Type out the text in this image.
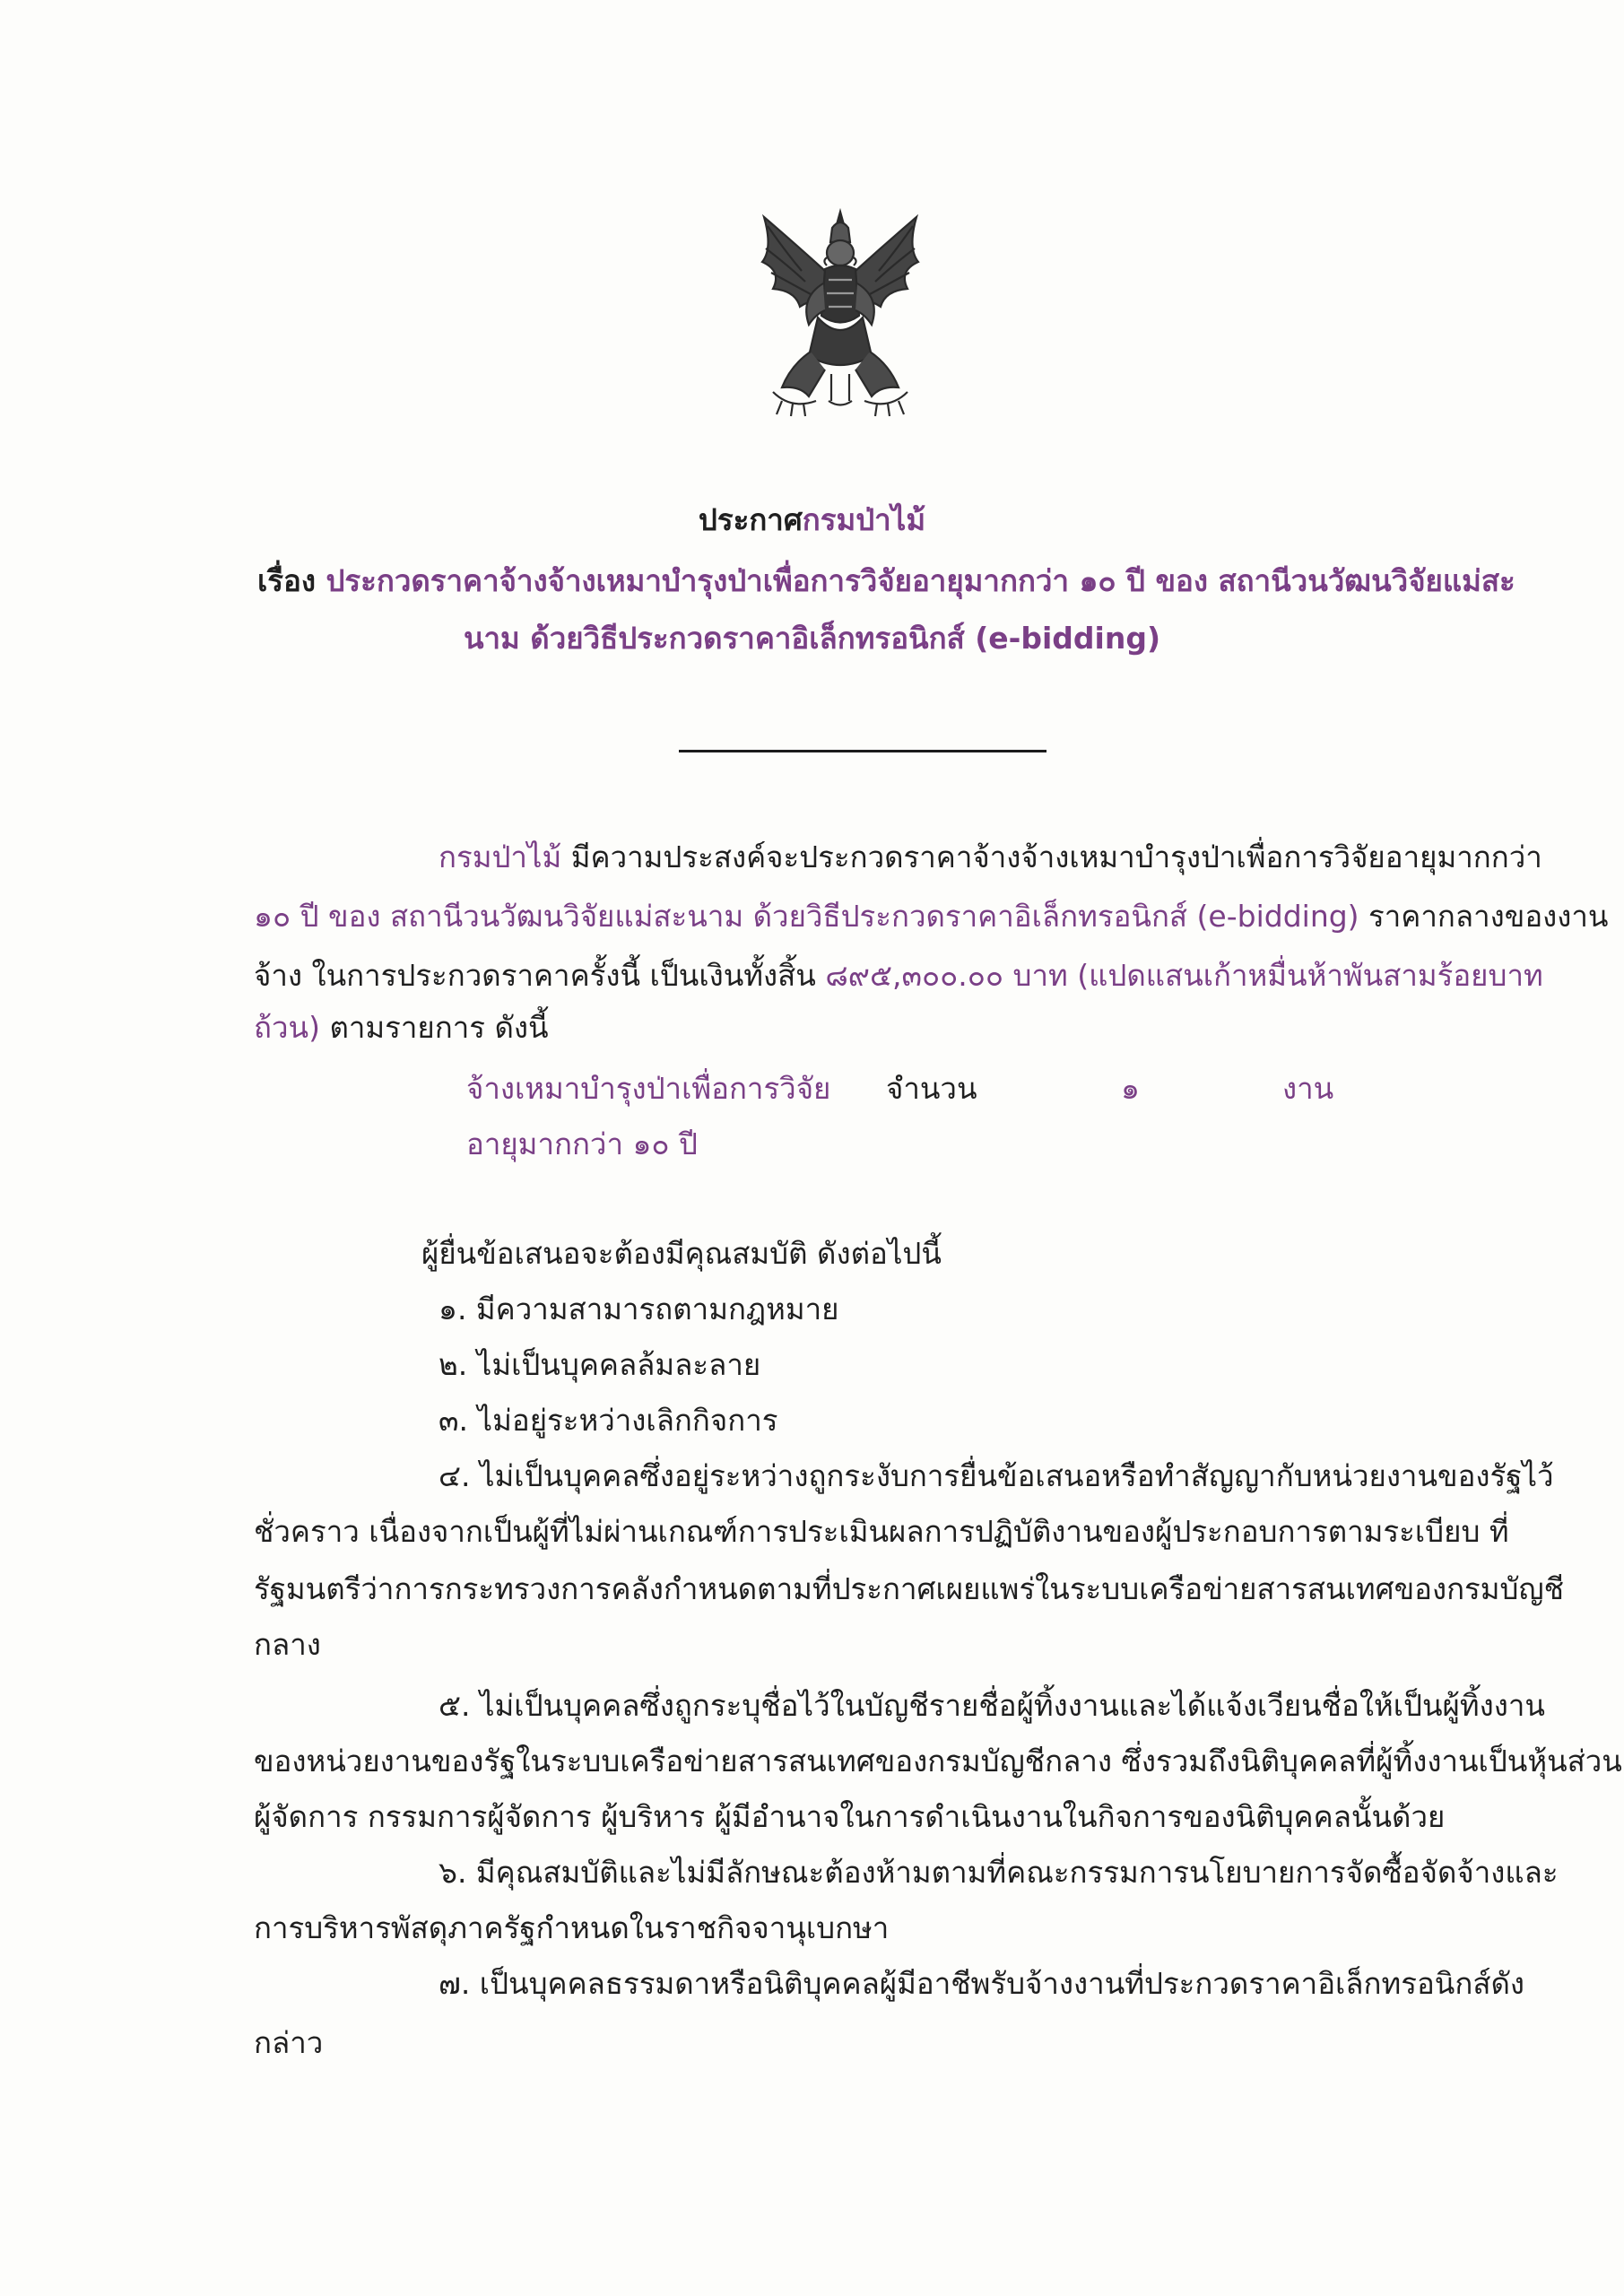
ประกาศกรมป่าไม้
เรื่อง ประกวดราคาจ้างจ้างเหมาบำรุงป่าเพื่อการวิจัยอายุมากกว่า ๑๐ ปี ของ สถานีวนวัฒนวิจัยแม่สะ
นาม ด้วยวิธีประกวดราคาอิเล็กทรอนิกส์ (e-bidding)
กรมป่าไม้ มีความประสงค์จะประกวดราคาจ้างจ้างเหมาบำรุงป่าเพื่อการวิจัยอายุมากกว่า
๑๐ ปี ของ สถานีวนวัฒนวิจัยแม่สะนาม ด้วยวิธีประกวดราคาอิเล็กทรอนิกส์ (e-bidding) ราคากลางของงาน
จ้าง ในการประกวดราคาครั้งนี้ เป็นเงินทั้งสิ้น ๘๙๕,๓๐๐.๐๐ บาท (แปดแสนเก้าหมื่นห้าพันสามร้อยบาท
ถ้วน) ตามรายการ ดังนี้
จ้างเหมาบำรุงป่าเพื่อการวิจัย
อายุมากกว่า ๑๐ ปี
จำนวน	๑	งาน
ผู้ยื่นข้อเสนอจะต้องมีคุณสมบัติ ดังต่อไปนี้
๑. มีความสามารถตามกฎหมาย
๒. ไม่เป็นบุคคลล้มละลาย
๓. ไม่อยู่ระหว่างเลิกกิจการ
๔. ไม่เป็นบุคคลซึ่งอยู่ระหว่างถูกระงับการยื่นข้อเสนอหรือทำสัญญากับหน่วยงานของรัฐไว้
ชั่วคราว เนื่องจากเป็นผู้ที่ไม่ผ่านเกณฑ์การประเมินผลการปฏิบัติงานของผู้ประกอบการตามระเบียบ ที่
รัฐมนตรีว่าการกระทรวงการคลังกำหนดตามที่ประกาศเผยแพร่ในระบบเครือข่ายสารสนเทศของกรมบัญชี
กลาง
๕. ไม่เป็นบุคคลซึ่งถูกระบุชื่อไว้ในบัญชีรายชื่อผู้ทิ้งงานและได้แจ้งเวียนชื่อให้เป็นผู้ทิ้งงาน
ของหน่วยงานของรัฐในระบบเครือข่ายสารสนเทศของกรมบัญชีกลาง ซึ่งรวมถึงนิติบุคคลที่ผู้ทิ้งงานเป็นหุ้นส่วน
ผู้จัดการ กรรมการผู้จัดการ ผู้บริหาร ผู้มีอำนาจในการดำเนินงานในกิจการของนิติบุคคลนั้นด้วย
๖. มีคุณสมบัติและไม่มีลักษณะต้องห้ามตามที่คณะกรรมการนโยบายการจัดซื้อจัดจ้างและ
การบริหารพัสดุภาครัฐกำหนดในราชกิจจานุเบกษา
๗. เป็นบุคคลธรรมดาหรือนิติบุคคลผู้มีอาชีพรับจ้างงานที่ประกวดราคาอิเล็กทรอนิกส์ดัง
กล่าว
